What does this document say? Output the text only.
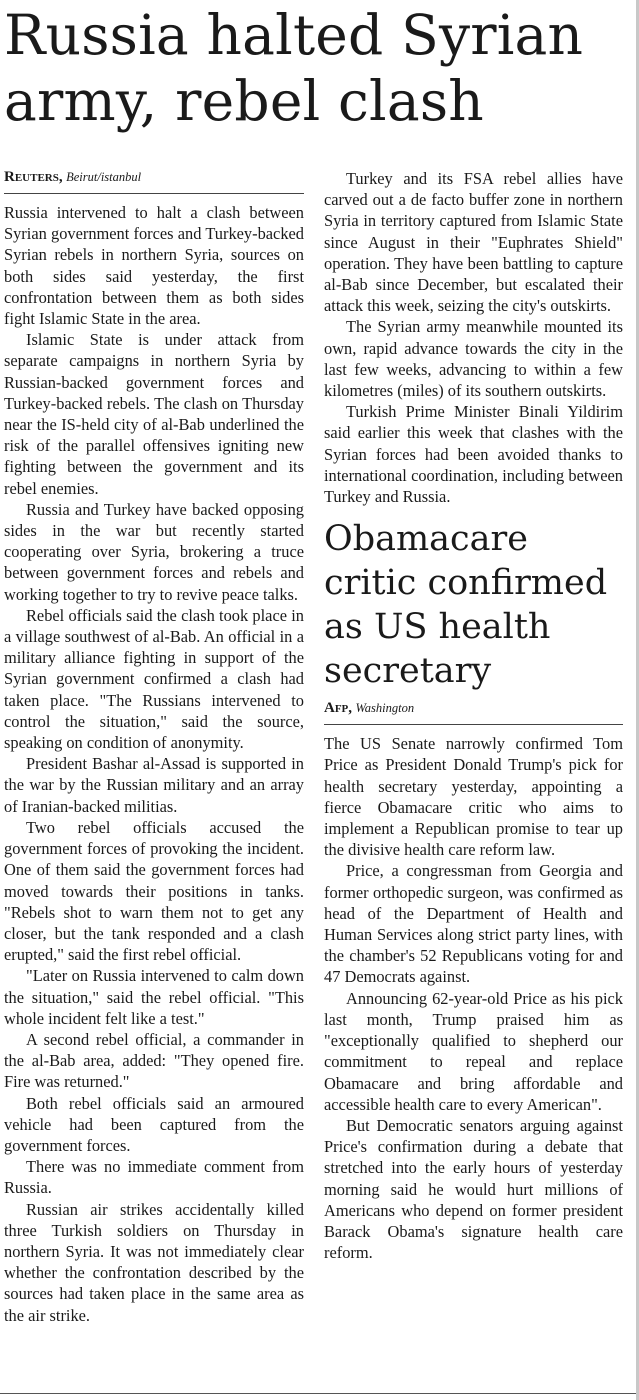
Russia halted Syrian army, rebel clash
Reuters, Beirut/istanbul

Russia intervened to halt a clash between Syrian government forces and Turkey-backed Syrian rebels in northern Syria, sources on both sides said yesterday, the first confrontation between them as both sides fight Islamic State in the area.

Islamic State is under attack from separate campaigns in northern Syria by Russian-backed government forces and Turkey-backed rebels. The clash on Thursday near the IS-held city of al-Bab underlined the risk of the parallel offensives igniting new fighting between the government and its rebel enemies.

Russia and Turkey have backed opposing sides in the war but recently started cooperating over Syria, brokering a truce between government forces and rebels and working together to try to revive peace talks.

Rebel officials said the clash took place in a village southwest of al-Bab. An official in a military alliance fighting in support of the Syrian government confirmed a clash had taken place. "The Russians intervened to control the situation," said the source, speaking on condition of anonymity.

President Bashar al-Assad is supported in the war by the Russian military and an array of Iranian-backed militias.

Two rebel officials accused the government forces of provoking the incident. One of them said the government forces had moved towards their positions in tanks. "Rebels shot to warn them not to get any closer, but the tank responded and a clash erupted," said the first rebel official.

"Later on Russia intervened to calm down the situation," said the rebel official. "This whole incident felt like a test."

A second rebel official, a commander in the al-Bab area, added: "They opened fire. Fire was returned."

Both rebel officials said an armoured vehicle had been captured from the government forces.

There was no immediate comment from Russia.

Russian air strikes accidentally killed three Turkish soldiers on Thursday in northern Syria. It was not immediately clear whether the confrontation described by the sources had taken place in the same area as the air strike.

Turkey and its FSA rebel allies have carved out a de facto buffer zone in northern Syria in territory captured from Islamic State since August in their "Euphrates Shield" operation. They have been battling to capture al-Bab since December, but escalated their attack this week, seizing the city's outskirts.

The Syrian army meanwhile mounted its own, rapid advance towards the city in the last few weeks, advancing to within a few kilometres (miles) of its southern outskirts.

Turkish Prime Minister Binali Yildirim said earlier this week that clashes with the Syrian forces had been avoided thanks to international coordination, including between Turkey and Russia.

Obamacare critic confirmed as US health secretary
Afp, Washington

The US Senate narrowly confirmed Tom Price as President Donald Trump's pick for health secretary yesterday, appointing a fierce Obamacare critic who aims to implement a Republican promise to tear up the divisive health care reform law.

Price, a congressman from Georgia and former orthopedic surgeon, was confirmed as head of the Department of Health and Human Services along strict party lines, with the chamber's 52 Republicans voting for and 47 Democrats against.

Announcing 62-year-old Price as his pick last month, Trump praised him as "exceptionally qualified to shepherd our commitment to repeal and replace Obamacare and bring affordable and accessible health care to every American".

But Democratic senators arguing against Price's confirmation during a debate that stretched into the early hours of yesterday morning said he would hurt millions of Americans who depend on former president Barack Obama's signature health care reform.
